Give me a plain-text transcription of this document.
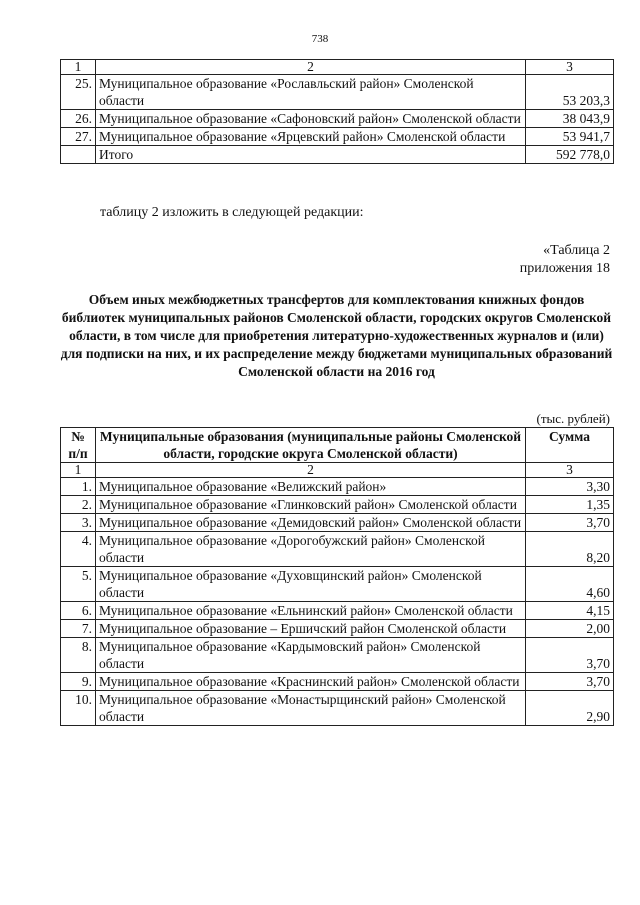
738
1	2	3
25.	Муниципальное образование «Рославльский район» Смоленской области	53 203,3
26.	Муниципальное образование «Сафоновский район» Смоленской области	38 043,9
27.	Муниципальное образование «Ярцевский район» Смоленской области	53 941,7
	Итого	592 778,0
таблицу 2 изложить в следующей редакции:
«Таблица 2
приложения 18
Объем иных межбюджетных трансфертов для комплектования книжных фондов библиотек муниципальных районов Смоленской области, городских округов Смоленской области, в том числе для приобретения литературно-художественных журналов и (или) для подписки на них, и их распределение между бюджетами муниципальных образований Смоленской области на 2016 год
(тыс. рублей)
№ п/п	Муниципальные образования (муниципальные районы Смоленской области, городские округа Смоленской области)	Сумма
1	2	3
1.	Муниципальное образование «Велижский район»	3,30
2.	Муниципальное образование «Глинковский район» Смоленской области	1,35
3.	Муниципальное образование «Демидовский район» Смоленской области	3,70
4.	Муниципальное образование «Дорогобужский район» Смоленской области	8,20
5.	Муниципальное образование «Духовщинский район» Смоленской области	4,60
6.	Муниципальное образование «Ельнинский район» Смоленской области	4,15
7.	Муниципальное образование – Ершичский район Смоленской области	2,00
8.	Муниципальное образование «Кардымовский район» Смоленской области	3,70
9.	Муниципальное образование «Краснинский район» Смоленской области	3,70
10.	Муниципальное образование «Монастырщинский район» Смоленской области	2,90
